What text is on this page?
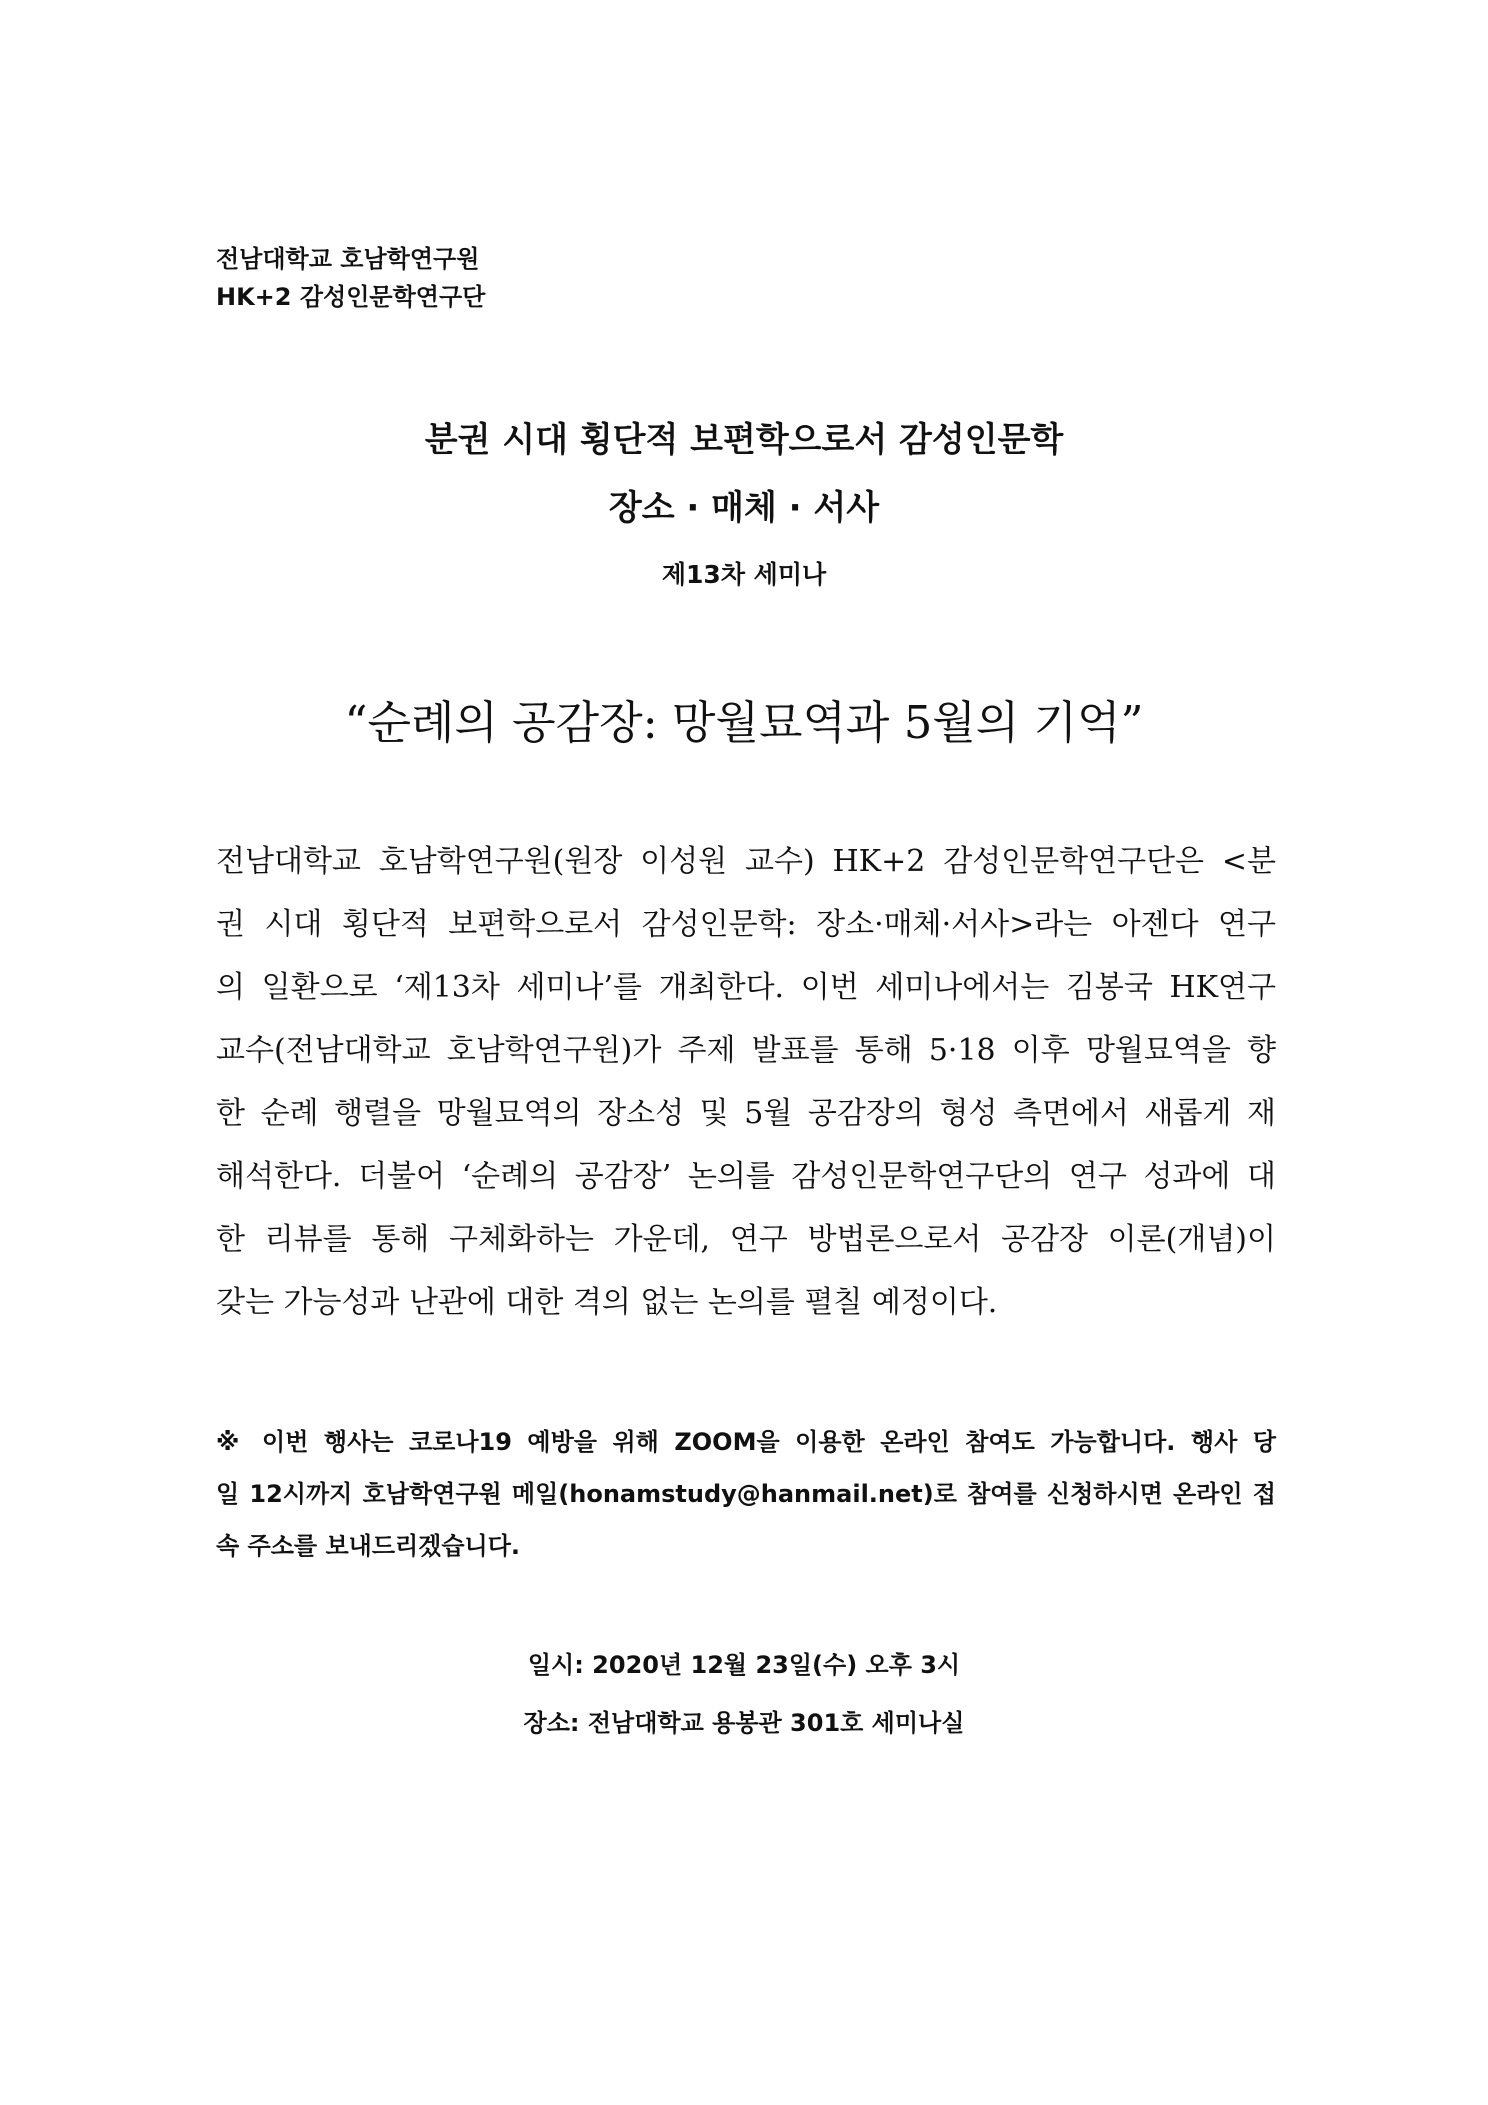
전남대학교 호남학연구원
HK+2 감성인문학연구단
분권 시대 횡단적 보편학으로서 감성인문학
장소 · 매체 · 서사
제13차 세미나
“순례의 공감장: 망월묘역과 5월의 기억”
전남대학교 호남학연구원(원장 이성원 교수) HK+2 감성인문학연구단은 <분
권 시대 횡단적 보편학으로서 감성인문학: 장소·매체·서사>라는 아젠다 연구
의 일환으로 ‘제13차 세미나’를 개최한다. 이번 세미나에서는 김봉국 HK연구
교수(전남대학교 호남학연구원)가 주제 발표를 통해 5·18 이후 망월묘역을 향
한 순례 행렬을 망월묘역의 장소성 및 5월 공감장의 형성 측면에서 새롭게 재
해석한다. 더불어 ‘순례의 공감장’ 논의를 감성인문학연구단의 연구 성과에 대
한 리뷰를 통해 구체화하는 가운데, 연구 방법론으로서 공감장 이론(개념)이
갖는 가능성과 난관에 대한 격의 없는 논의를 펼칠 예정이다.
※ 이번 행사는 코로나19 예방을 위해 ZOOM을 이용한 온라인 참여도 가능합니다. 행사 당
일 12시까지 호남학연구원 메일(honamstudy@hanmail.net)로 참여를 신청하시면 온라인 접
속 주소를 보내드리겠습니다.
일시: 2020년 12월 23일(수) 오후 3시
장소: 전남대학교 용봉관 301호 세미나실
